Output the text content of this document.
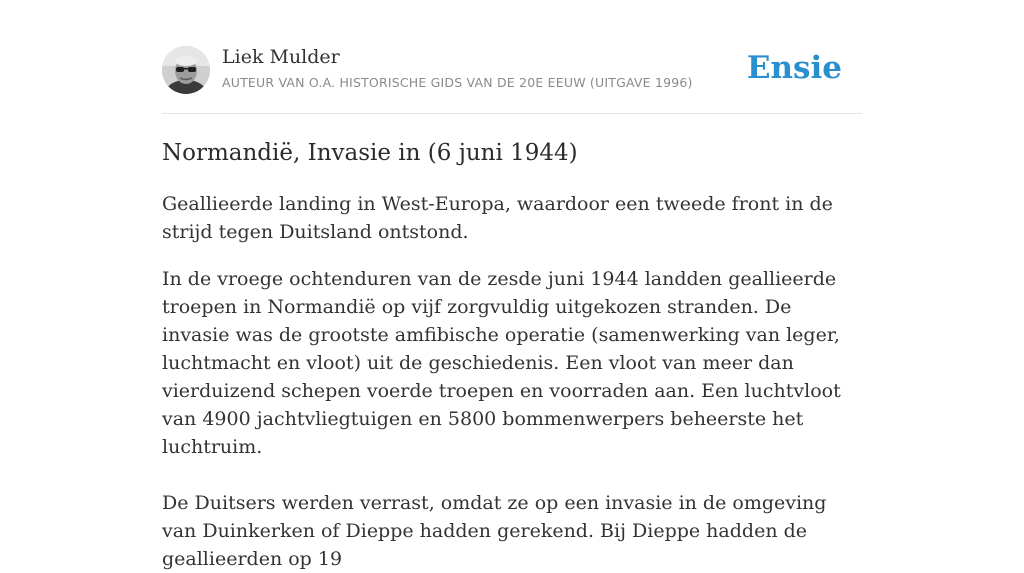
Liek Mulder
AUTEUR VAN O.A. HISTORISCHE GIDS VAN DE 20E EEUW (UITGAVE 1996) Ensie
Normandië, Invasie in (6 juni 1944)

Geallieerde landing in West-Europa, waardoor een tweede front in de strijd tegen Duitsland ontstond.

In de vroege ochtenduren van de zesde juni 1944 landden geallieerde troepen in Normandië op vijf zorgvuldig uitgekozen stranden. De invasie was de grootste amfibische operatie (samenwerking van leger, luchtmacht en vloot) uit de geschiedenis. Een vloot van meer dan vierduizend schepen voerde troepen en voorraden aan. Een luchtvloot van 4900 jachtvliegtuigen en 5800 bommenwerpers beheerste het luchtruim.

De Duitsers werden verrast, omdat ze op een invasie in de omgeving van Duinkerken of Dieppe hadden gerekend. Bij Dieppe hadden de geallieerden op 19
